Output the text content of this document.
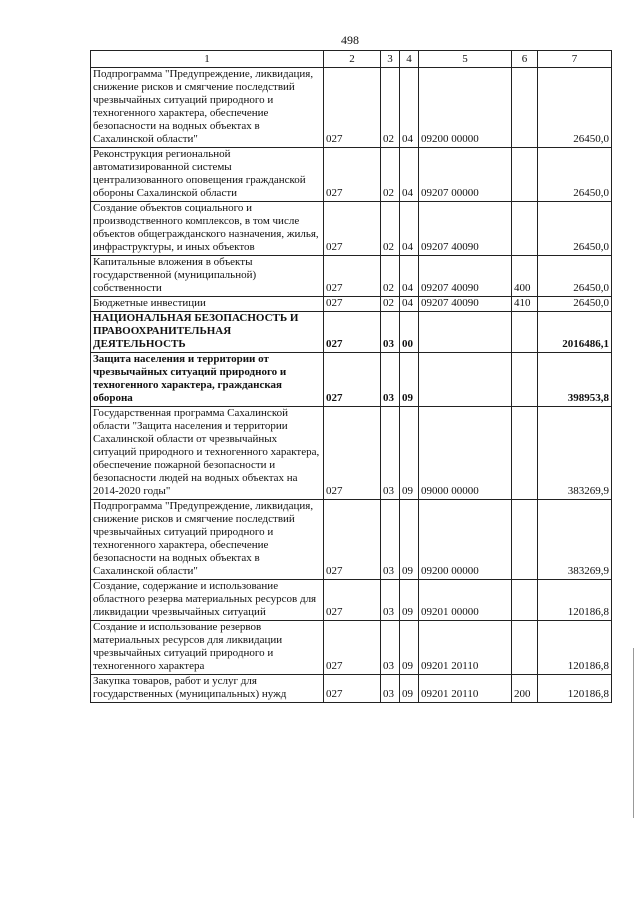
498
1	2	3	4	5	6	7
Подпрограмма "Предупреждение, ликвидация, снижение рисков и смягчение последствий чрезвычайных ситуаций природного и техногенного характера, обеспечение безопасности на водных объектах в Сахалинской области"	027	02	04	09200 00000		26450,0
Реконструкция региональной автоматизированной системы централизованного оповещения гражданской обороны Сахалинской области	027	02	04	09207 00000		26450,0
Создание объектов социального и производственного комплексов, в том числе объектов общегражданского назначения, жилья, инфраструктуры, и иных объектов	027	02	04	09207 40090		26450,0
Капитальные вложения в объекты государственной (муниципальной) собственности	027	02	04	09207 40090	400	26450,0
Бюджетные инвестиции	027	02	04	09207 40090	410	26450,0
НАЦИОНАЛЬНАЯ БЕЗОПАСНОСТЬ И ПРАВООХРАНИТЕЛЬНАЯ ДЕЯТЕЛЬНОСТЬ	027	03	00			2016486,1
Защита населения и территории от чрезвычайных ситуаций природного и техногенного характера, гражданская оборона	027	03	09			398953,8
Государственная программа Сахалинской области "Защита населения и территории Сахалинской области от чрезвычайных ситуаций природного и техногенного характера, обеспечение пожарной безопасности и безопасности людей на водных объектах на 2014-2020 годы"	027	03	09	09000 00000		383269,9
Подпрограмма "Предупреждение, ликвидация, снижение рисков и смягчение последствий чрезвычайных ситуаций природного и техногенного характера, обеспечение безопасности на водных объектах в Сахалинской области"	027	03	09	09200 00000		383269,9
Создание, содержание и использование областного резерва материальных ресурсов для ликвидации чрезвычайных ситуаций	027	03	09	09201 00000		120186,8
Создание и использование резервов материальных ресурсов для ликвидации чрезвычайных ситуаций природного и техногенного характера	027	03	09	09201 20110		120186,8
Закупка товаров, работ и услуг для государственных (муниципальных) нужд	027	03	09	09201 20110	200	120186,8
